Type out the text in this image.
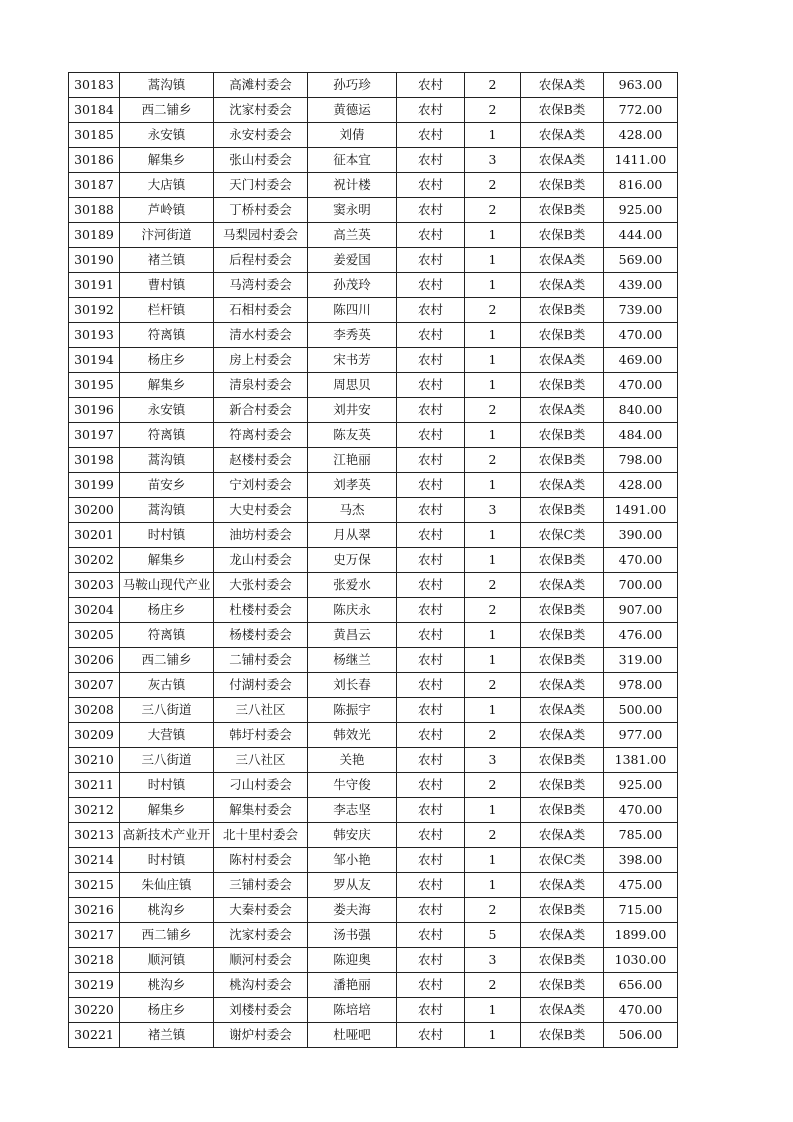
30183	蒿沟镇	高滩村委会	孙巧珍	农村	2	农保A类	963.00
30184	西二铺乡	沈家村委会	黄德运	农村	2	农保B类	772.00
30185	永安镇	永安村委会	刘倩	农村	1	农保A类	428.00
30186	解集乡	张山村委会	征本宜	农村	3	农保A类	1411.00
30187	大店镇	天门村委会	祝计楼	农村	2	农保B类	816.00
30188	芦岭镇	丁桥村委会	窦永明	农村	2	农保B类	925.00
30189	汴河街道	马梨园村委会	高兰英	农村	1	农保B类	444.00
30190	褚兰镇	后程村委会	姜爱国	农村	1	农保A类	569.00
30191	曹村镇	马湾村委会	孙茂玲	农村	1	农保A类	439.00
30192	栏杆镇	石相村委会	陈四川	农村	2	农保B类	739.00
30193	符离镇	清水村委会	李秀英	农村	1	农保B类	470.00
30194	杨庄乡	房上村委会	宋书芳	农村	1	农保A类	469.00
30195	解集乡	清泉村委会	周思贝	农村	1	农保B类	470.00
30196	永安镇	新合村委会	刘井安	农村	2	农保A类	840.00
30197	符离镇	符离村委会	陈友英	农村	1	农保B类	484.00
30198	蒿沟镇	赵楼村委会	江艳丽	农村	2	农保B类	798.00
30199	苗安乡	宁刘村委会	刘孝英	农村	1	农保A类	428.00
30200	蒿沟镇	大史村委会	马杰	农村	3	农保B类	1491.00
30201	时村镇	油坊村委会	月从翠	农村	1	农保C类	390.00
30202	解集乡	龙山村委会	史万保	农村	1	农保B类	470.00
30203	马鞍山现代产业	大张村委会	张爱水	农村	2	农保A类	700.00
30204	杨庄乡	杜楼村委会	陈庆永	农村	2	农保B类	907.00
30205	符离镇	杨楼村委会	黄昌云	农村	1	农保B类	476.00
30206	西二铺乡	二铺村委会	杨继兰	农村	1	农保B类	319.00
30207	灰古镇	付湖村委会	刘长春	农村	2	农保A类	978.00
30208	三八街道	三八社区	陈振宇	农村	1	农保A类	500.00
30209	大营镇	韩圩村委会	韩效光	农村	2	农保A类	977.00
30210	三八街道	三八社区	关艳	农村	3	农保B类	1381.00
30211	时村镇	刁山村委会	牛守俊	农村	2	农保B类	925.00
30212	解集乡	解集村委会	李志坚	农村	1	农保B类	470.00
30213	高新技术产业开	北十里村委会	韩安庆	农村	2	农保A类	785.00
30214	时村镇	陈村村委会	邹小艳	农村	1	农保C类	398.00
30215	朱仙庄镇	三铺村委会	罗从友	农村	1	农保A类	475.00
30216	桃沟乡	大秦村委会	娄夫海	农村	2	农保B类	715.00
30217	西二铺乡	沈家村委会	汤书强	农村	5	农保A类	1899.00
30218	顺河镇	顺河村委会	陈迎奥	农村	3	农保B类	1030.00
30219	桃沟乡	桃沟村委会	潘艳丽	农村	2	农保B类	656.00
30220	杨庄乡	刘楼村委会	陈培培	农村	1	农保A类	470.00
30221	褚兰镇	谢炉村委会	杜哑吧	农村	1	农保B类	506.00
